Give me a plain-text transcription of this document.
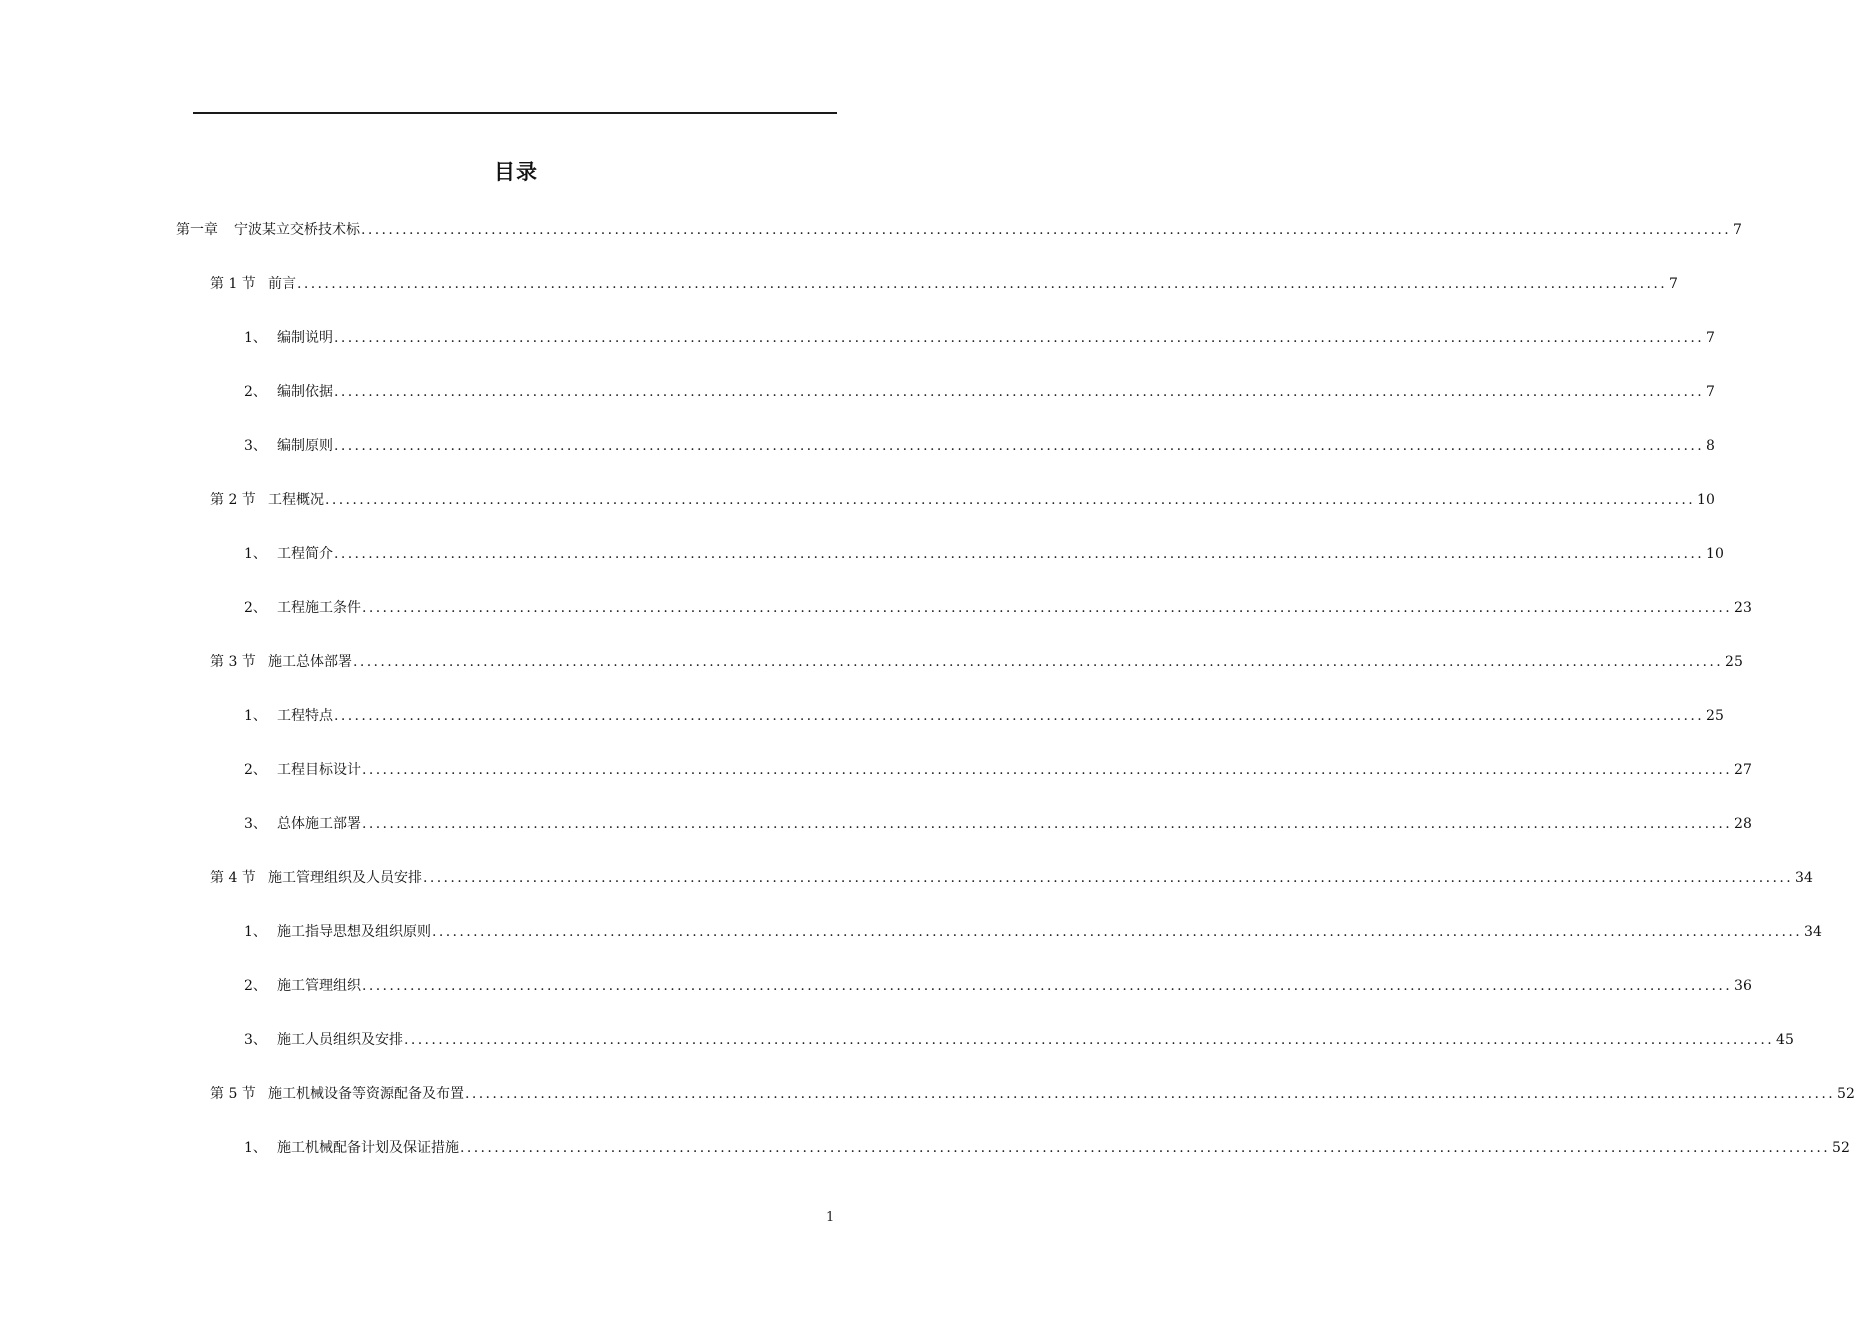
目录
第一章	宁波某立交桥技术标 ........................................................................................................................................................................................................ 7
第 1 节 前言 ........................................................................................................................................................................................................ 7
1、 编制说明 ........................................................................................................................................................................................................ 7
2、 编制依据 ........................................................................................................................................................................................................ 7
3、 编制原则 ........................................................................................................................................................................................................ 8
第 2 节 工程概况 ........................................................................................................................................................................................................ 10
1、 工程简介 ........................................................................................................................................................................................................ 10
2、 工程施工条件 ........................................................................................................................................................................................................ 23
第 3 节 施工总体部署 ........................................................................................................................................................................................................ 25
1、 工程特点 ........................................................................................................................................................................................................ 25
2、 工程目标设计 ........................................................................................................................................................................................................ 27
3、 总体施工部署 ........................................................................................................................................................................................................ 28
第 4 节 施工管理组织及人员安排 ........................................................................................................................................................................................................ 34
1、 施工指导思想及组织原则 ........................................................................................................................................................................................................ 34
2、 施工管理组织 ........................................................................................................................................................................................................ 36
3、 施工人员组织及安排 ........................................................................................................................................................................................................ 45
第 5 节 施工机械设备等资源配备及布置 ........................................................................................................................................................................................................ 52
1、 施工机械配备计划及保证措施 ........................................................................................................................................................................................................ 52
1
